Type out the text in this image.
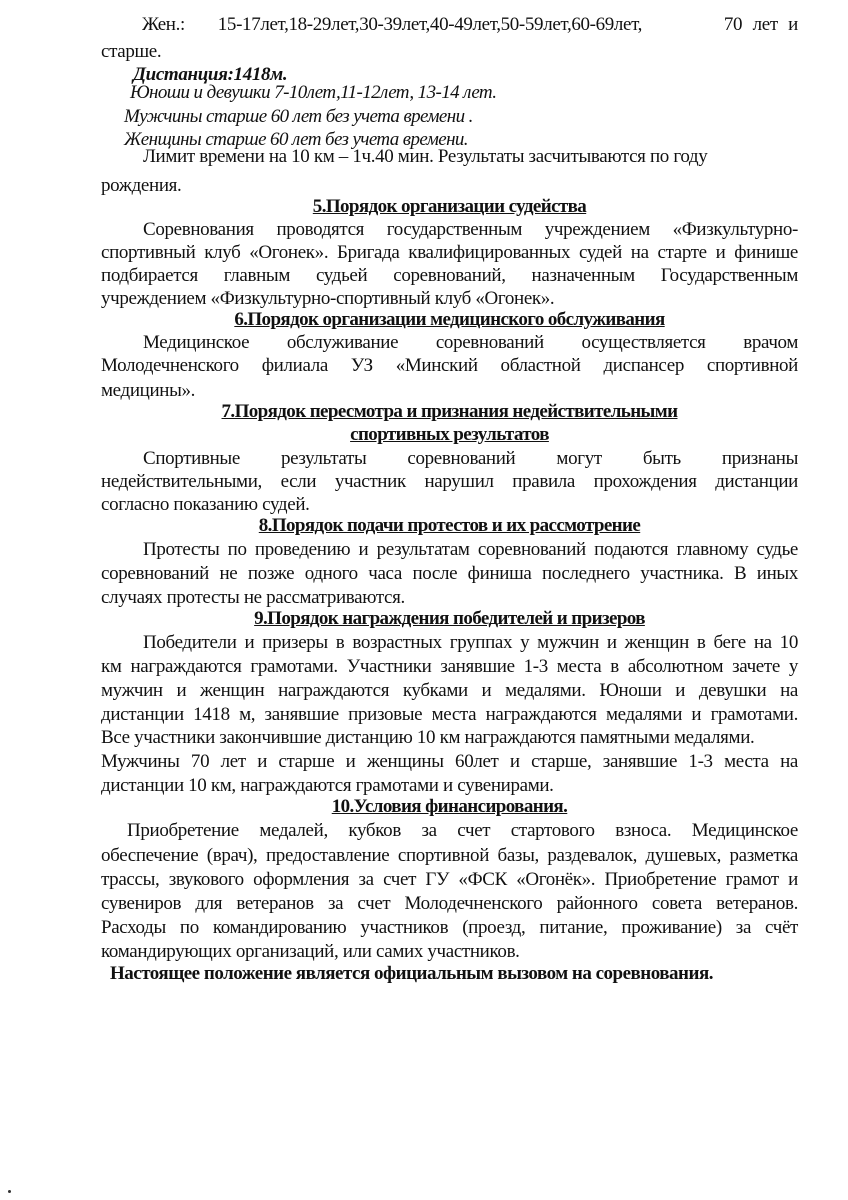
Жен.: 15-17лет,18-29лет,30-39лет,40-49лет,50-59лет,60-69лет,	70 лет и
старше.
Дистанция:1418м.
Юноши и девушки 7-10лет,11-12лет, 13-14 лет.
Мужчины старше 60 лет без учета времени .
Женщины старше 60 лет без учета времени.
Лимит времени на 10 км – 1ч.40 мин. Результаты засчитываются по году
рождения.
5.Порядок организации судейства
Соревнования проводятся государственным учреждением «Физкультурно-
спортивный клуб «Огонек». Бригада квалифицированных судей на старте и финише
подбирается главным судьей соревнований, назначенным Государственным
учреждением «Физкультурно-спортивный клуб «Огонек».
6.Порядок организации медицинского обслуживания
Медицинское обслуживание соревнований осуществляется врачом
Молодечненского филиала УЗ «Минский областной диспансер спортивной
медицины».
7.Порядок пересмотра и признания недействительными
спортивных результатов
Спортивные результаты соревнований могут быть признаны
недействительными, если участник нарушил правила прохождения дистанции
согласно показанию судей.
8.Порядок подачи протестов и их рассмотрение
Протесты по проведению и результатам соревнований подаются главному судье
соревнований не позже одного часа после финиша последнего участника. В иных
случаях протесты не рассматриваются.
9.Порядок награждения победителей и призеров
Победители и призеры в возрастных группах у мужчин и женщин в беге на 10
км награждаются грамотами. Участники занявшие 1-3 места в абсолютном зачете у
мужчин и женщин награждаются кубками и медалями. Юноши и девушки на
дистанции 1418 м, занявшие призовые места награждаются медалями и грамотами.
Все участники закончившие дистанцию 10 км награждаются памятными медалями.
Мужчины 70 лет и старше и женщины 60лет и старше, занявшие 1-3 места на
дистанции 10 км, награждаются грамотами и сувенирами.
10.Условия финансирования.
Приобретение медалей, кубков за счет стартового взноса. Медицинское
обеспечение (врач), предоставление спортивной базы, раздевалок, душевых, разметка
трассы, звукового оформления за счет ГУ «ФСК «Огонёк». Приобретение грамот и
сувениров для ветеранов за счет Молодечненского районного совета ветеранов.
Расходы по командированию участников (проезд, питание, проживание) за счёт
командирующих организаций, или самих участников.
Настоящее положение является официальным вызовом на соревнования.
